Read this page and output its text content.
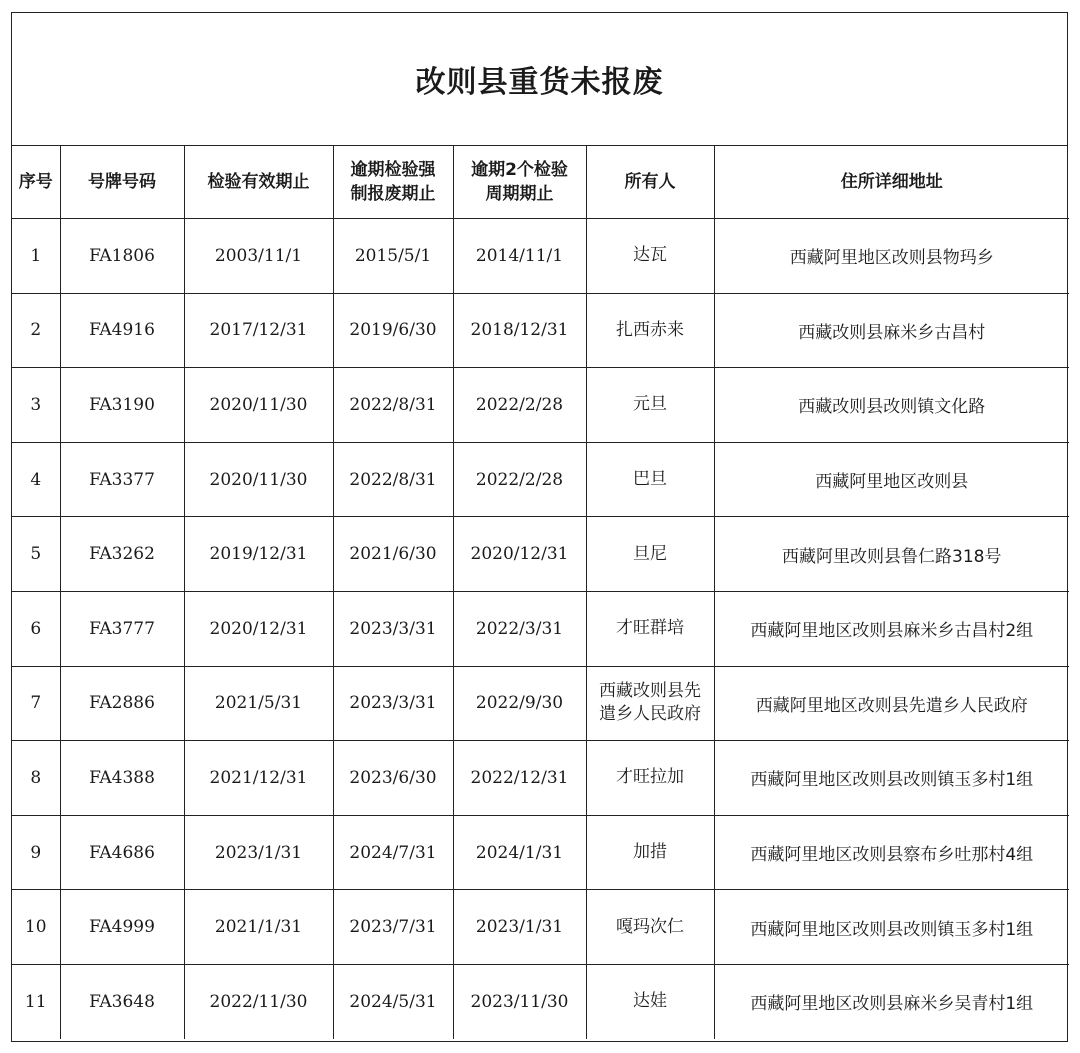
改则县重货未报废
序号	号牌号码	检验有效期止	逾期检验强
制报废期止	逾期2个检验
周期期止	所有人	住所详细地址
1	FA1806	2003/11/1	2015/5/1	2014/11/1	达瓦	西藏阿里地区改则县物玛乡
2	FA4916	2017/12/31	2019/6/30	2018/12/31	扎西赤来	西藏改则县麻米乡古昌村
3	FA3190	2020/11/30	2022/8/31	2022/2/28	元旦	西藏改则县改则镇文化路
4	FA3377	2020/11/30	2022/8/31	2022/2/28	巴旦	西藏阿里地区改则县
5	FA3262	2019/12/31	2021/6/30	2020/12/31	旦尼	西藏阿里改则县鲁仁路318号
6	FA3777	2020/12/31	2023/3/31	2022/3/31	才旺群培	西藏阿里地区改则县麻米乡古昌村2组
7	FA2886	2021/5/31	2023/3/31	2022/9/30	西藏改则县先
遣乡人民政府	西藏阿里地区改则县先遣乡人民政府
8	FA4388	2021/12/31	2023/6/30	2022/12/31	才旺拉加	西藏阿里地区改则县改则镇玉多村1组
9	FA4686	2023/1/31	2024/7/31	2024/1/31	加措	西藏阿里地区改则县察布乡吐那村4组
10	FA4999	2021/1/31	2023/7/31	2023/1/31	嘎玛次仁	西藏阿里地区改则县改则镇玉多村1组
11	FA3648	2022/11/30	2024/5/31	2023/11/30	达娃	西藏阿里地区改则县麻米乡吴青村1组
